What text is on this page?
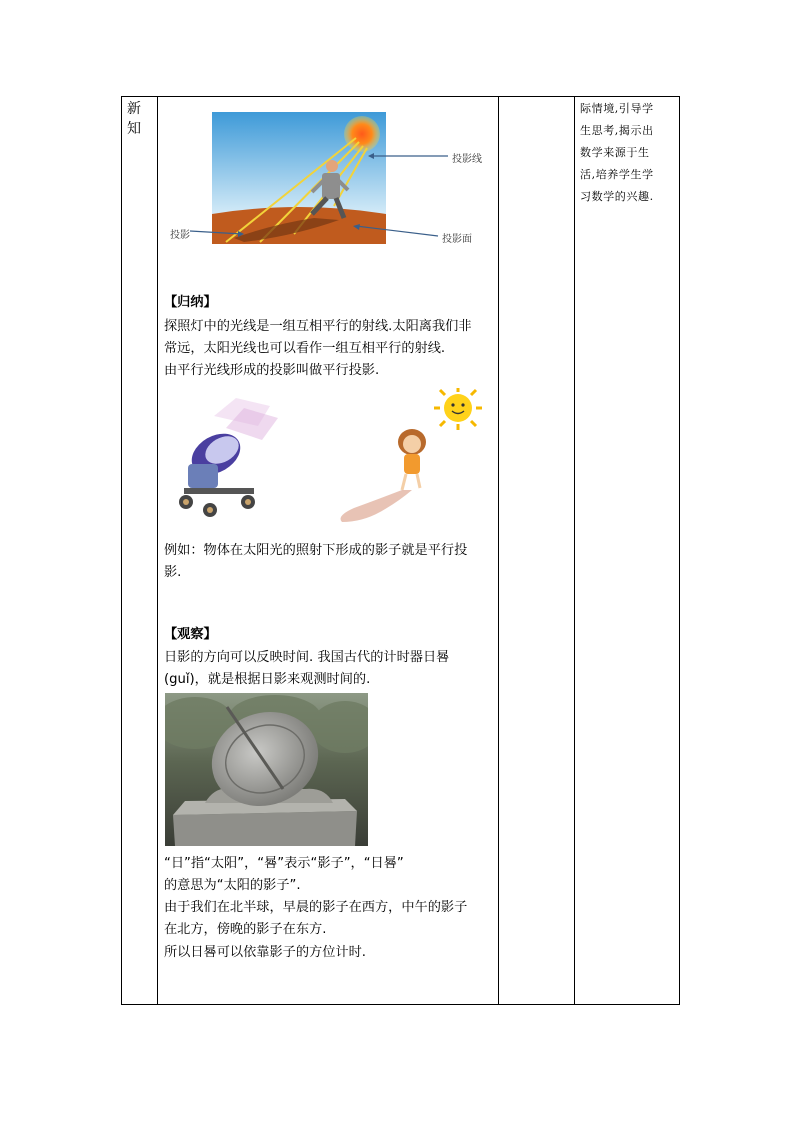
新
知
际情境,引导学
生思考,揭示出
数学来源于生
活,培养学生学
习数学的兴趣.
投影线
投影	投影面
【归纳】
探照灯中的光线是一组互相平行的射线.太阳离我们非
常远，太阳光线也可以看作一组互相平行的射线.
由平行光线形成的投影叫做平行投影.
例如：物体在太阳光的照射下形成的影子就是平行投
影.
【观察】
日影的方向可以反映时间. 我国古代的计时器日晷
(guǐ)，就是根据日影来观测时间的.
“日”指“太阳”，“晷”表示“影子”，“日晷”
的意思为“太阳的影子”.
由于我们在北半球，早晨的影子在西方，中午的影子
在北方，傍晚的影子在东方.
所以日晷可以依靠影子的方位计时.
